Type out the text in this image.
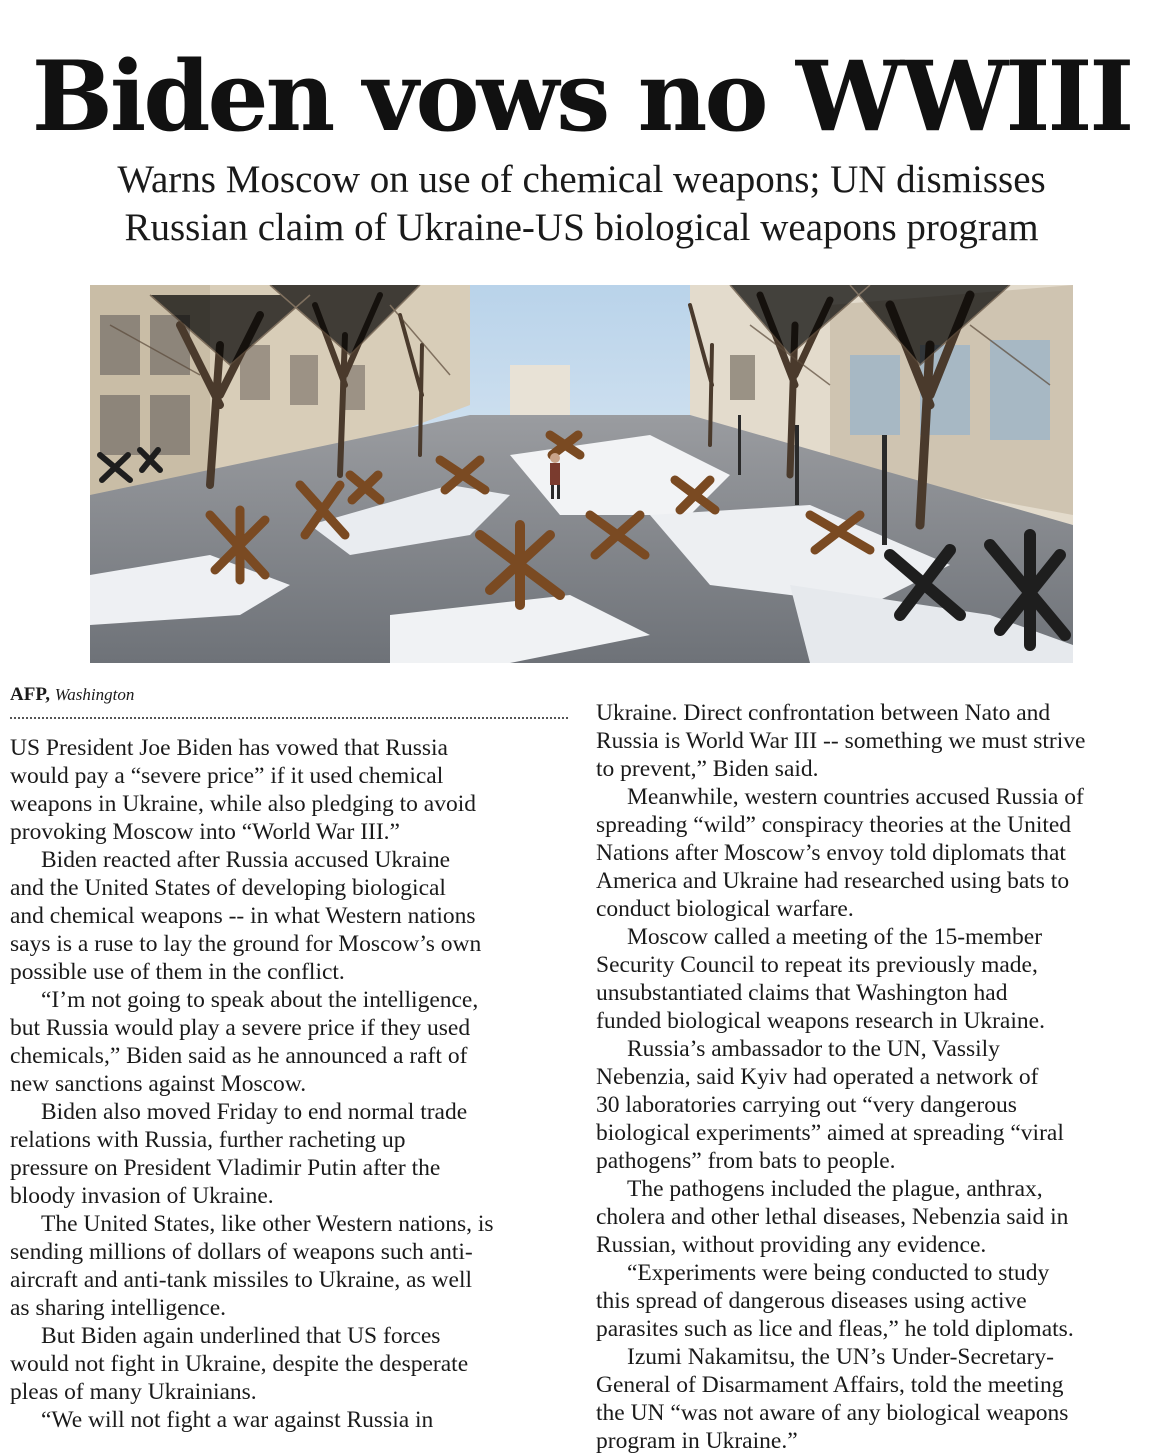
Biden vows no WWIII
Warns Moscow on use of chemical weapons; UN dismisses
Russian claim of Ukraine-US biological weapons program
AFP, Washington
US President Joe Biden has vowed that Russia
would pay a “severe price” if it used chemical
weapons in Ukraine, while also pledging to avoid
provoking Moscow into “World War III.”
Biden reacted after Russia accused Ukraine
and the United States of developing biological
and chemical weapons -- in what Western nations
says is a ruse to lay the ground for Moscow’s own
possible use of them in the conflict.
“I’m not going to speak about the intelligence,
but Russia would play a severe price if they used
chemicals,” Biden said as he announced a raft of
new sanctions against Moscow.
Biden also moved Friday to end normal trade
relations with Russia, further racheting up
pressure on President Vladimir Putin after the
bloody invasion of Ukraine.
The United States, like other Western nations, is
sending millions of dollars of weapons such anti-
aircraft and anti-tank missiles to Ukraine, as well
as sharing intelligence.
But Biden again underlined that US forces
would not fight in Ukraine, despite the desperate
pleas of many Ukrainians.
“We will not fight a war against Russia in
Ukraine. Direct confrontation between Nato and
Russia is World War III -- something we must strive
to prevent,” Biden said.
Meanwhile, western countries accused Russia of
spreading “wild” conspiracy theories at the United
Nations after Moscow’s envoy told diplomats that
America and Ukraine had researched using bats to
conduct biological warfare.
Moscow called a meeting of the 15-member
Security Council to repeat its previously made,
unsubstantiated claims that Washington had
funded biological weapons research in Ukraine.
Russia’s ambassador to the UN, Vassily
Nebenzia, said Kyiv had operated a network of
30 laboratories carrying out “very dangerous
biological experiments” aimed at spreading “viral
pathogens” from bats to people.
The pathogens included the plague, anthrax,
cholera and other lethal diseases, Nebenzia said in
Russian, without providing any evidence.
“Experiments were being conducted to study
this spread of dangerous diseases using active
parasites such as lice and fleas,” he told diplomats.
Izumi Nakamitsu, the UN’s Under-Secretary-
General of Disarmament Affairs, told the meeting
the UN “was not aware of any biological weapons
program in Ukraine.”
